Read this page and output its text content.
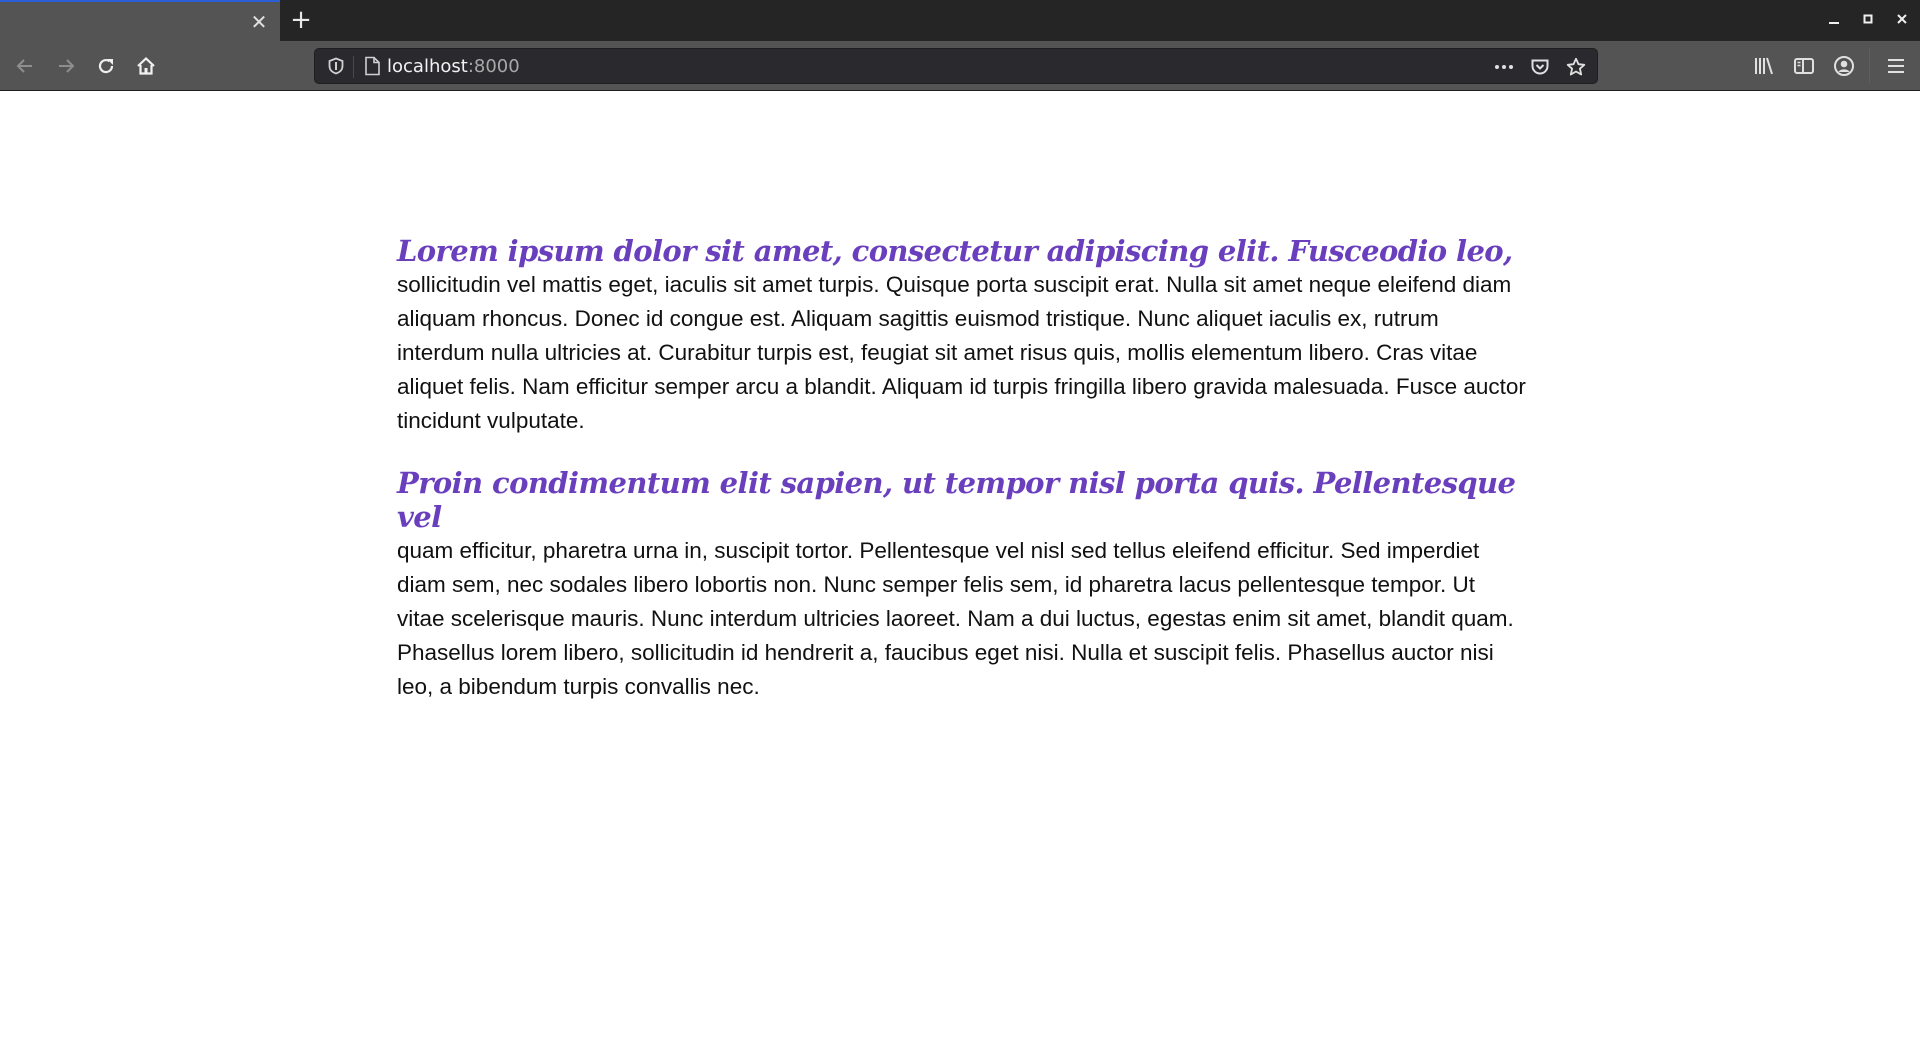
✕ +
localhost:8000
Lorem ipsum dolor sit amet, consectetur adipiscing elit. Fusceodio leo,

sollicitudin vel mattis eget, iaculis sit amet turpis. Quisque porta suscipit erat. Nulla sit amet neque eleifend diam aliquam rhoncus. Donec id congue est. Aliquam sagittis euismod tristique. Nunc aliquet iaculis ex, rutrum interdum nulla ultricies at. Curabitur turpis est, feugiat sit amet risus quis, mollis elementum libero. Cras vitae aliquet felis. Nam efficitur semper arcu a blandit. Aliquam id turpis fringilla libero gravida malesuada. Fusce auctor tincidunt vulputate.

Proin condimentum elit sapien, ut tempor nisl porta quis. Pellentesque vel

quam efficitur, pharetra urna in, suscipit tortor. Pellentesque vel nisl sed tellus eleifend efficitur. Sed imperdiet diam sem, nec sodales libero lobortis non. Nunc semper felis sem, id pharetra lacus pellentesque tempor. Ut vitae scelerisque mauris. Nunc interdum ultricies laoreet. Nam a dui luctus, egestas enim sit amet, blandit quam. Phasellus lorem libero, sollicitudin id hendrerit a, faucibus eget nisi. Nulla et suscipit felis. Phasellus auctor nisi leo, a bibendum turpis convallis nec.
